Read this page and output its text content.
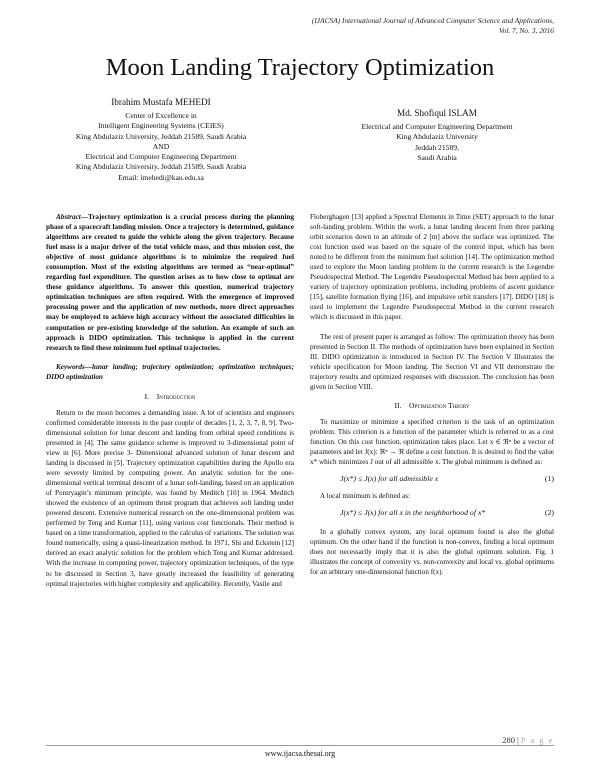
(IJACSA) International Journal of Advanced Computer Science and Applications,
Vol. 7, No. 3, 2016
Moon Landing Trajectory Optimization
Ibrahim Mustafa MEHEDI
Center of Excellence in
Intelligent Engineering Systems (CEIES)
King Abdulaziz University, Jeddah 21589, Saudi Arabia
AND
Electrical and Computer Engineering Department
King Abdulaziz University, Jeddah 21589, Saudi Arabia
Email: imehedi@kau.edu.sa
Md. Shofiqul ISLAM
Electrical and Computer Engineering Department
King Abdulaziz University
Jeddah 21589,
Saudi Arabia

Abstract—Trajectory optimization is a crucial process during the planning phase of a spacecraft landing mission. Once a trajectory is determined, guidance algorithms are created to guide the vehicle along the given trajectory. Because fuel mass is a major driver of the total vehicle mass, and thus mission cost, the objective of most guidance algorithms is to minimize the required fuel consumption. Most of the existing algorithms are termed as “near-optimal” regarding fuel expenditure. The question arises as to how close to optimal are these guidance algorithms. To answer this question, numerical trajectory optimization techniques are often required. With the emergence of improved processing power and the application of new methods, more direct approaches may be employed to achieve high accuracy without the associated difficulties in computation or pre-existing knowledge of the solution. An example of such an approach is DIDO optimization. This technique is applied in the current research to find these minimum fuel optimal trajectories.

Keywords—lunar landing; trajectory optimization; optimization techniques; DIDO optimization

I. Introduction

Return to the moon becomes a demanding issue. A lot of scientists and engineers confirmed considerable interests in the past couple of decades [1, 2, 3, 7, 8, 9]. Two-dimensional solution for lunar descent and landing from orbital speed conditions is presented in [4]. The same guidance scheme is improved to 3-dimensional point of view in [6]. More precise 3- Dimensional advanced solution of lunar descent and landing is discussed in [5]. Trajectory optimization capabilities during the Apollo era were severely limited by computing power. An analytic solution for the one-dimensional vertical terminal descent of a lunar soft-landing, based on an application of Pontryagin’s minimum principle, was found by Meditch [10] in 1964. Meditch showed the existence of an optimum thrust program that achieves soft landing under powered descent. Extensive numerical research on the one-dimensional problem was performed by Teng and Kumar [11], using various cost functionals. Their method is based on a time transformation, applied to the calculus of variations. The solution was found numerically, using a quasi-linearization method. In 1971, Shi and Eckstein [12] derived an exact analytic solution for the problem which Teng and Kumar addressed. With the increase in computing power, trajectory optimization techniques, of the type to be discussed in Section 3, have greatly increased the feasibility of generating optimal trajectories with higher complexity and applicability. Recently, Vasile and

Floberghagen [13] applied a Spectral Elements in Time (SET) approach to the lunar soft-landing problem. Within the work, a lunar landing descent from three parking orbit scenarios down to an altitude of 2 [m] above the surface was optimized. The cost function used was based on the square of the control input, which has been noted to be different from the minimum fuel solution [14]. The optimization method used to explore the Moon landing problem in the current research is the Legendre Pseudospectral Method. The Legendre Pseudospectral Method has been applied to a variety of trajectory optimization problems, including problems of ascent guidance [15], satellite formation flying [16], and impulsive orbit transfers [17]. DIDO [18] is used to implement the Legendre Pseudospectral Method in the current research which is discussed in this paper.

The rest of present paper is arranged as follow: The optimization theory has been presented in Section II. The methods of optimization have been explained in Section III. DIDO optimization is introduced in Section IV. The Section V Illustrates the vehicle specification for Moon landing. The Section VI and VII demonstrate the trajectory results and optimized responses with discussion. The conclusion has been given in Section VIII.

II. Optimization Theory

To maximize or minimize a specified criterion is the task of an optimization problem. This criterion is a function of the parameter which is referred to as a cost function. On this cost function, optimization takes place. Let x ∈ ℜⁿ be a vector of parameters and let J(x): ℜⁿ → ℜ define a cost function. It is desired to find the value x* which minimizes J out of all admissible x. The global minimum is defined as:

J(x*) ≤ J(x) for all admissible x	(1)

A local minimum is defined as:

J(x*) ≤ J(x) for all x in the neighborhood of x*	(2)

In a globally convex system, any local optimum found is also the global optimum. On the other hand if the function is non-convex, finding a local optimum does not necessarily imply that it is also the global optimum solution. Fig. 1 illustrates the concept of convexity vs. non-convexity and local vs. global optimums for an arbitrary one-dimensional function f(x).

280 | P a g e
www.ijacsa.thesai.org
